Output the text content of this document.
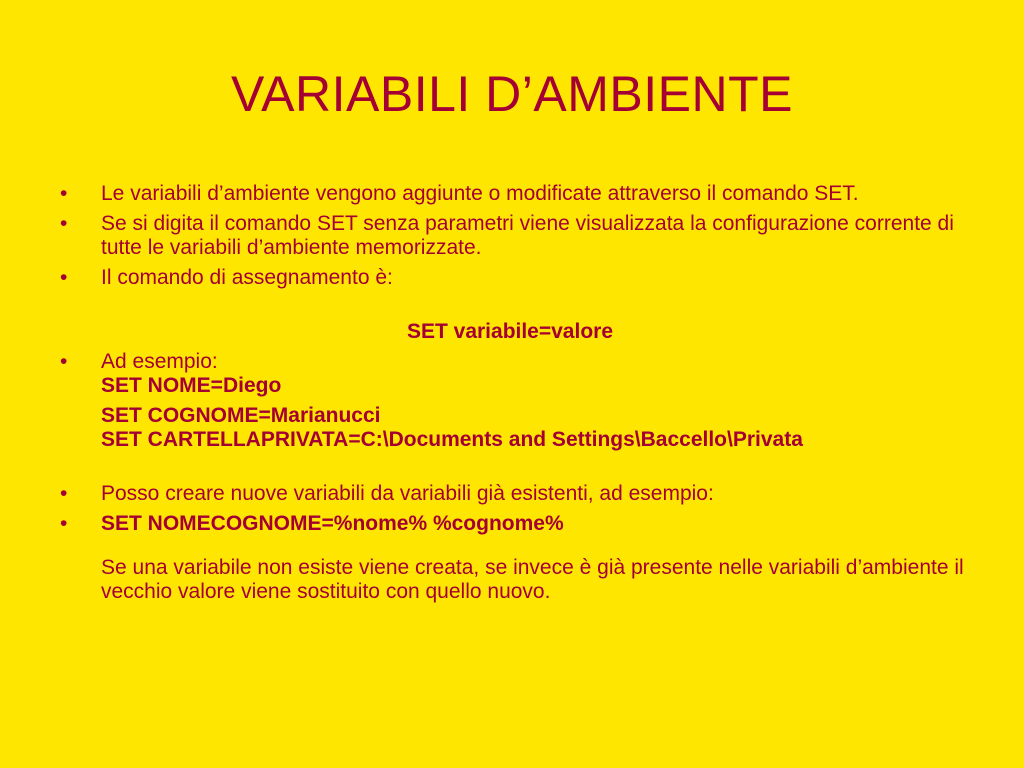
VARIABILI D’AMBIENTE
•	Le variabili d’ambiente vengono aggiunte o modificate attraverso il comando SET.
•	Se si digita il comando SET senza parametri viene visualizzata la configurazione corrente di tutte le variabili d’ambiente memorizzate.
•	Il comando di assegnamento è:
SET variabile=valore
•	Ad esempio:
SET NOME=Diego
SET COGNOME=Marianucci
SET CARTELLAPRIVATA=C:\Documents and Settings\Baccello\Privata
•	Posso creare nuove variabili da variabili già esistenti, ad esempio:
•	SET NOMECOGNOME=%nome% %cognome%
Se una variabile non esiste viene creata, se invece è già presente nelle variabili d’ambiente il vecchio valore viene sostituito con quello nuovo.
